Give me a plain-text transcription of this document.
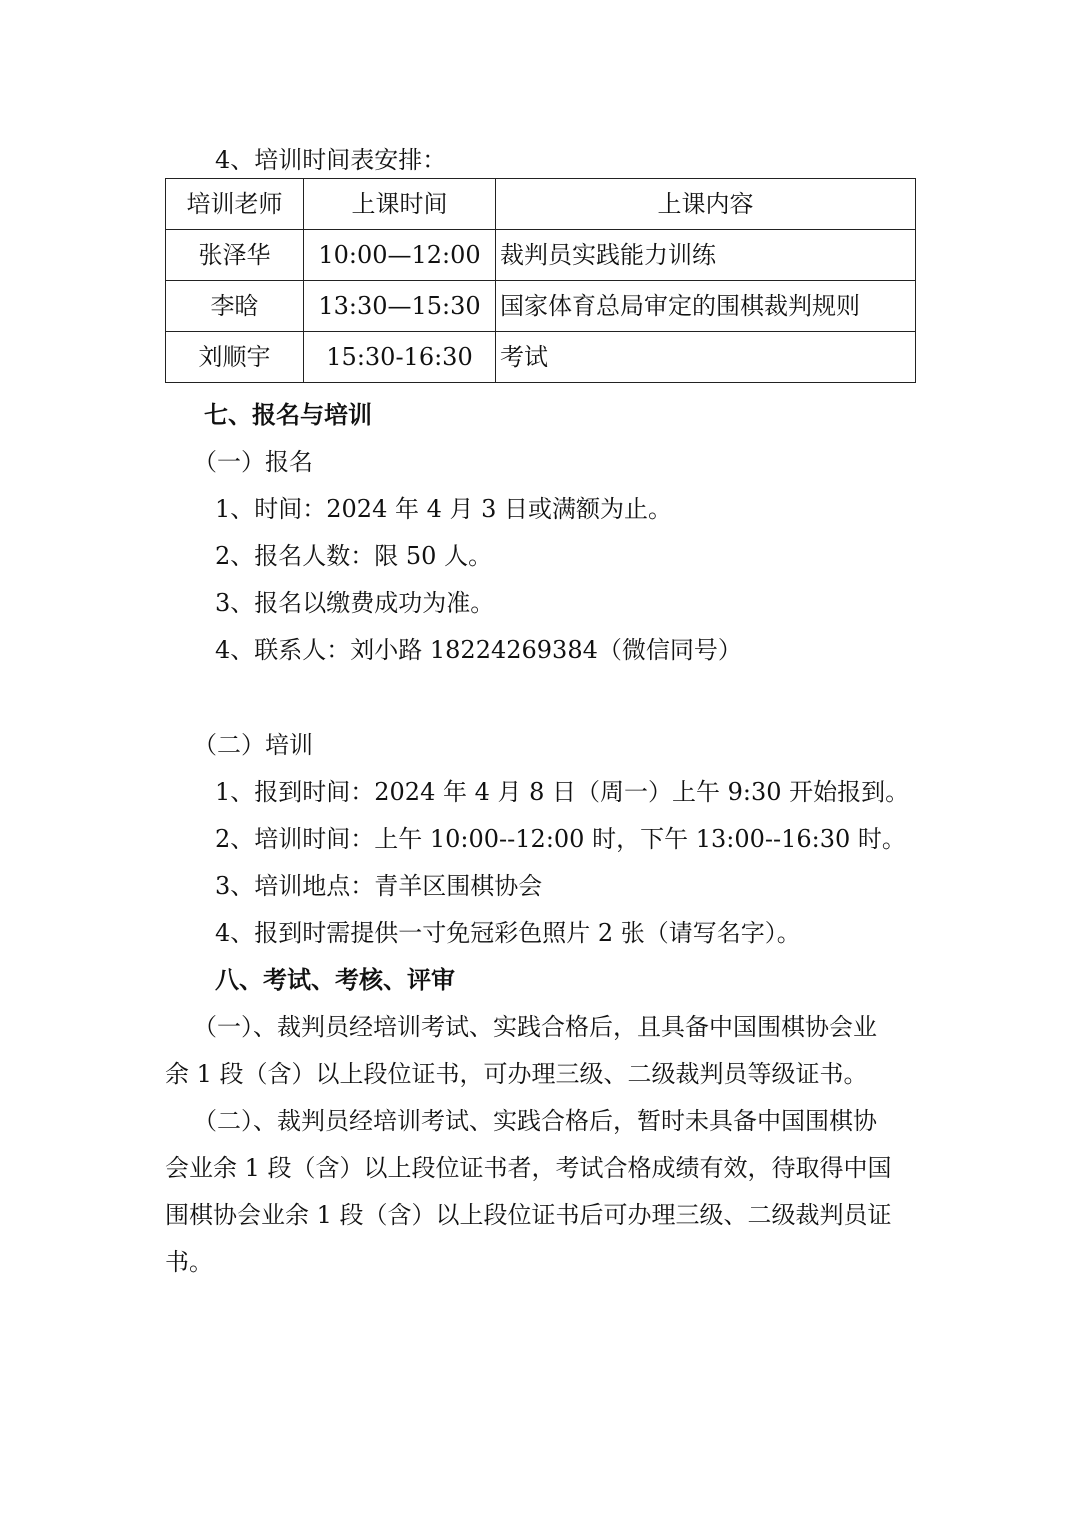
4、培训时间表安排：
培训老师	上课时间	上课内容
张泽华	10:00—12:00	裁判员实践能力训练
李晗	13:30—15:30	国家体育总局审定的围棋裁判规则
刘顺宇	15:30-16:30	考试
七、报名与培训
（一）报名
1、时间：2024 年 4 月 3 日或满额为止。
2、报名人数：限 50 人。
3、报名以缴费成功为准。
4、联系人：刘小路 18224269384（微信同号）
（二）培训
1、报到时间：2024 年 4 月 8 日（周一）上午 9:30 开始报到。
2、培训时间：上午 10:00--12:00 时，下午 13:00--16:30 时。
3、培训地点：青羊区围棋协会
4、报到时需提供一寸免冠彩色照片 2 张（请写名字）。
八、考试、考核、评审
（一）、裁判员经培训考试、实践合格后，且具备中国围棋协会业
余 1 段（含）以上段位证书，可办理三级、二级裁判员等级证书。
（二）、裁判员经培训考试、实践合格后，暂时未具备中国围棋协
会业余 1 段（含）以上段位证书者，考试合格成绩有效，待取得中国
围棋协会业余 1 段（含）以上段位证书后可办理三级、二级裁判员证
书。
